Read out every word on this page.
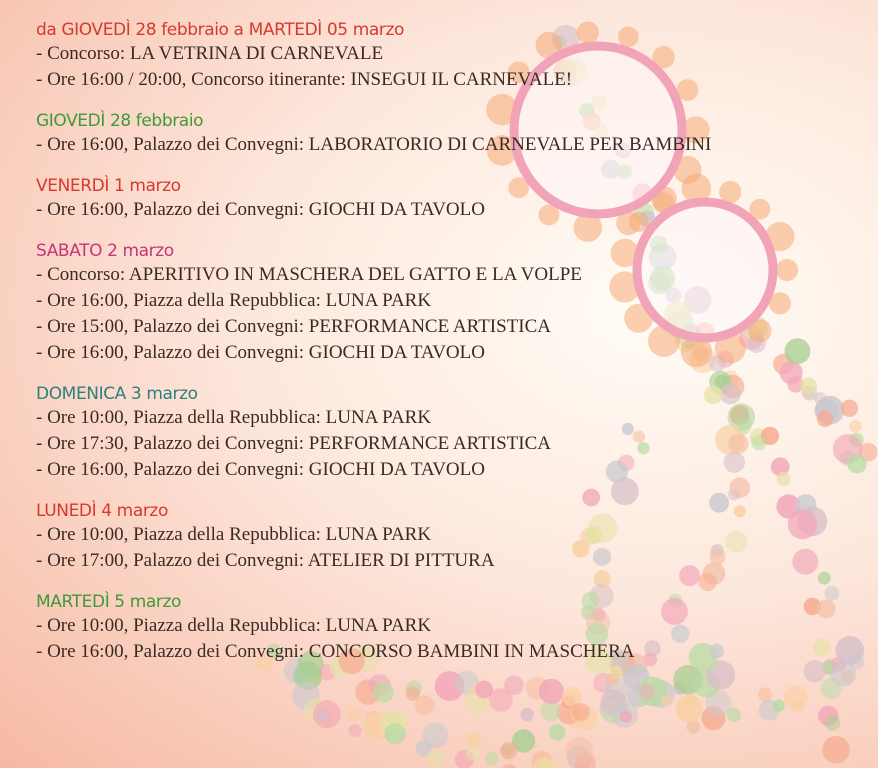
da GIOVEDÌ 28 febbraio a MARTEDÌ 05 marzo
- Concorso: LA VETRINA DI CARNEVALE
- Ore 16:00 / 20:00, Concorso itinerante: INSEGUI IL CARNEVALE!
GIOVEDÌ 28 febbraio
- Ore 16:00, Palazzo dei Convegni: LABORATORIO DI CARNEVALE PER BAMBINI
VENERDÌ 1 marzo
- Ore 16:00, Palazzo dei Convegni: GIOCHI DA TAVOLO
SABATO 2 marzo
- Concorso: APERITIVO IN MASCHERA DEL GATTO E LA VOLPE
- Ore 16:00, Piazza della Repubblica: LUNA PARK
- Ore 15:00, Palazzo dei Convegni: PERFORMANCE ARTISTICA
- Ore 16:00, Palazzo dei Convegni: GIOCHI DA TAVOLO
DOMENICA 3 marzo
- Ore 10:00, Piazza della Repubblica: LUNA PARK
- Ore 17:30, Palazzo dei Convegni: PERFORMANCE ARTISTICA
- Ore 16:00, Palazzo dei Convegni: GIOCHI DA TAVOLO
LUNEDÌ 4 marzo
- Ore 10:00, Piazza della Repubblica: LUNA PARK
- Ore 17:00, Palazzo dei Convegni: ATELIER DI PITTURA
MARTEDÌ 5 marzo
- Ore 10:00, Piazza della Repubblica: LUNA PARK
- Ore 16:00, Palazzo dei Convegni: CONCORSO BAMBINI IN MASCHERA
